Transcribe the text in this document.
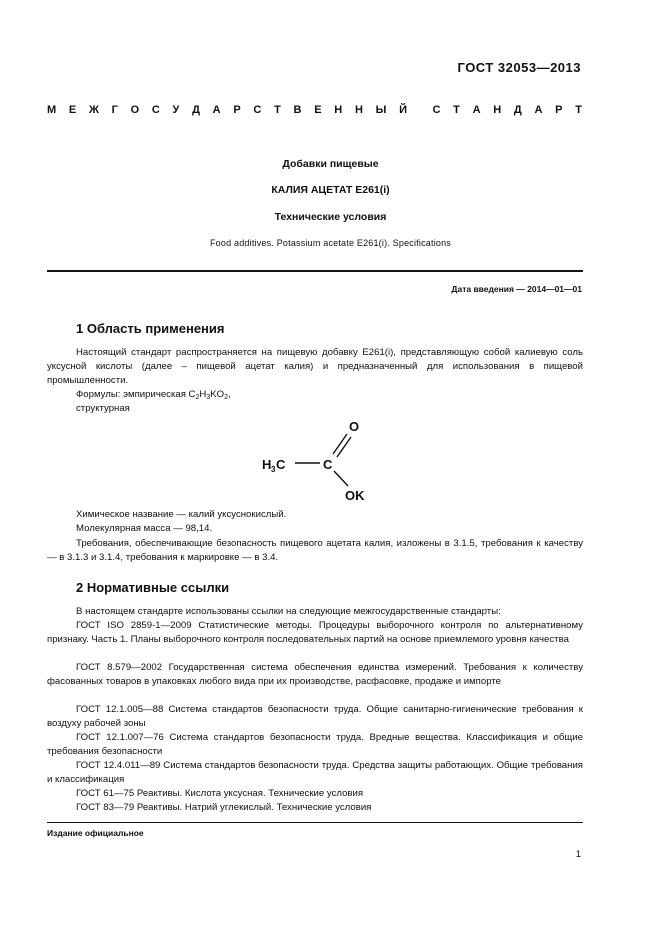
ГОСТ 32053—2013
М Е Ж Г О С У Д А Р С Т В Е Н Н Ы Й С Т А Н Д А Р Т
Добавки пищевые
КАЛИЯ АЦЕТАТ Е261(i)
Технические условия
Food additives. Potassium acetate E261(i). Specifications
Дата введения — 2014—01—01
1 Область применения
Настоящий стандарт распространяется на пищевую добавку Е261(i), представляющую собой калиевую соль уксусной кислоты (далее – пищевой ацетат калия) и предназначенный для использования в пищевой промышленности.
Формулы: эмпирическая $C_2H_3KO_2$,
структурная
H 3 C	C
O
OK
Химическое название — калий уксуснокислый.
Молекулярная масса — 98,14.
Требования, обеспечивающие безопасность пищевого ацетата калия, изложены в 3.1.5, требования к качеству — в 3.1.3 и 3.1.4, требования к маркировке — в 3.4.
2 Нормативные ссылки
В настоящем стандарте использованы ссылки на следующие межгосударственные стандарты:
ГОСТ ISO 2859-1—2009 Статистические методы. Процедуры выборочного контроля по альтернативному признаку. Часть 1. Планы выборочного контроля последовательных партий на основе приемлемого уровня качества
ГОСТ 8.579—2002 Государственная система обеспечения единства измерений. Требования к количеству фасованных товаров в упаковках любого вида при их производстве, расфасовке, продаже и импорте
ГОСТ 12.1.005—88 Система стандартов безопасности труда. Общие санитарно-гигиенические требования к воздуху рабочей зоны
ГОСТ 12.1.007—76 Система стандартов безопасности труда. Вредные вещества. Классификация и общие требования безопасности
ГОСТ 12.4.011—89 Система стандартов безопасности труда. Средства защиты работающих. Общие требования и классификация
ГОСТ 61—75 Реактивы. Кислота уксусная. Технические условия
ГОСТ 83—79 Реактивы. Натрий углекислый. Технические условия
Издание официальное
1
